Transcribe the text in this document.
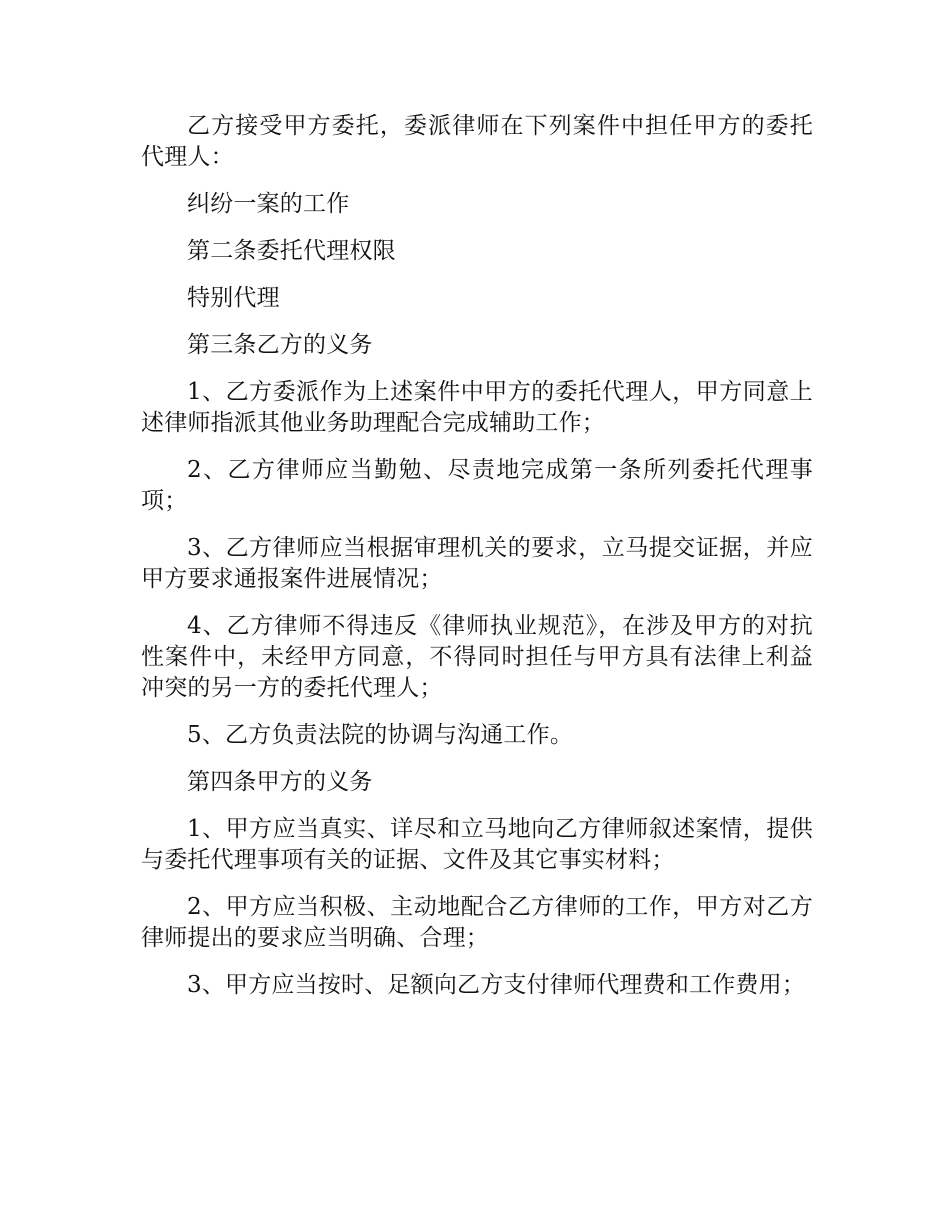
乙方接受甲方委托，委派律师在下列案件中担任甲方的委托代理人：

纠纷一案的工作

第二条委托代理权限

特别代理

第三条乙方的义务

1、乙方委派作为上述案件中甲方的委托代理人，甲方同意上述律师指派其他业务助理配合完成辅助工作；

2、乙方律师应当勤勉、尽责地完成第一条所列委托代理事项；

3、乙方律师应当根据审理机关的要求，立马提交证据，并应甲方要求通报案件进展情况；

4、乙方律师不得违反《律师执业规范》，在涉及甲方的对抗性案件中，未经甲方同意，不得同时担任与甲方具有法律上利益冲突的另一方的委托代理人；

5、乙方负责法院的协调与沟通工作。

第四条甲方的义务

1、甲方应当真实、详尽和立马地向乙方律师叙述案情，提供与委托代理事项有关的证据、文件及其它事实材料；

2、甲方应当积极、主动地配合乙方律师的工作，甲方对乙方律师提出的要求应当明确、合理；

3、甲方应当按时、足额向乙方支付律师代理费和工作费用；
